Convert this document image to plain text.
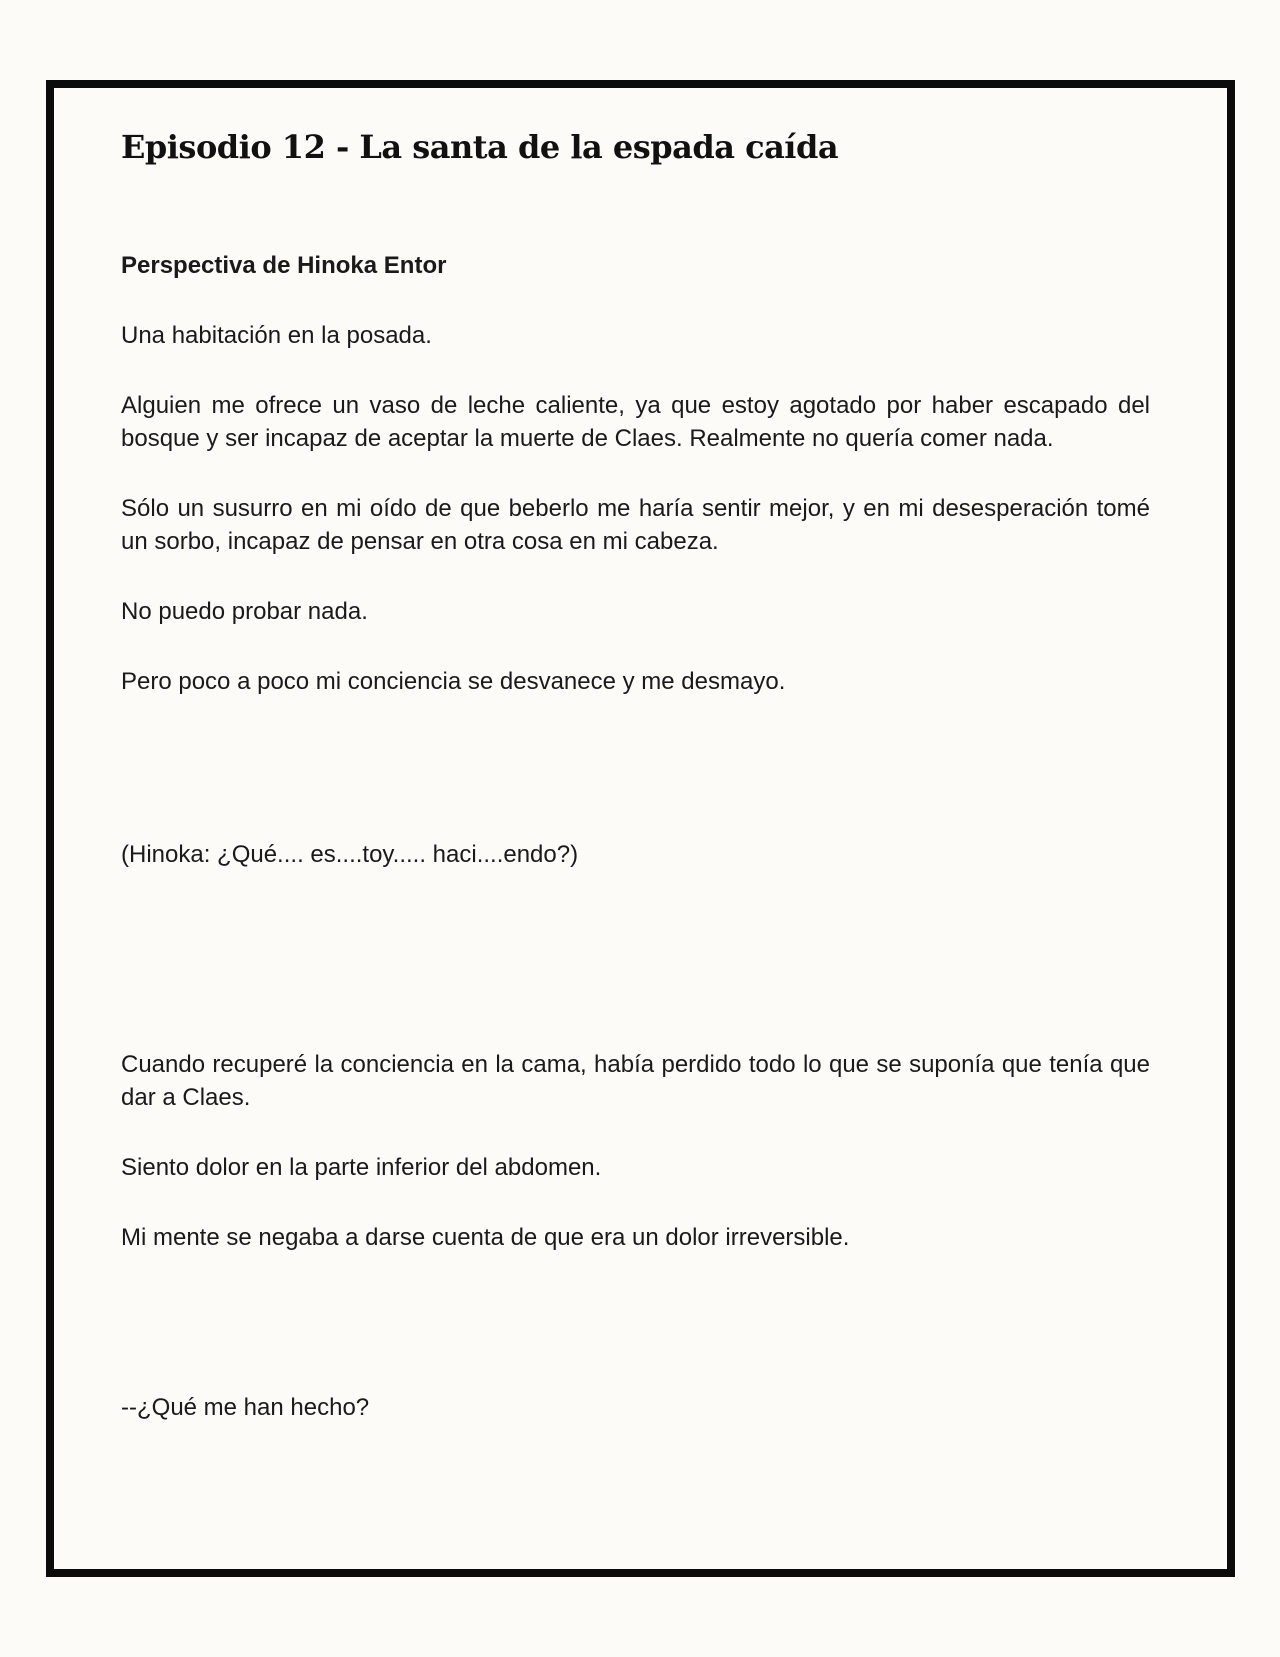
Episodio 12 - La santa de la espada caída

Perspectiva de Hinoka Entor

Una habitación en la posada.

Alguien me ofrece un vaso de leche caliente, ya que estoy agotado por haber escapado del
bosque y ser incapaz de aceptar la muerte de Claes. Realmente no quería comer nada.

Sólo un susurro en mi oído de que beberlo me haría sentir mejor, y en mi desesperación tomé
un sorbo, incapaz de pensar en otra cosa en mi cabeza.

No puedo probar nada.

Pero poco a poco mi conciencia se desvanece y me desmayo.

(Hinoka: ¿Qué.... es....toy..... haci....endo?)

Cuando recuperé la conciencia en la cama, había perdido todo lo que se suponía que tenía que
dar a Claes.

Siento dolor en la parte inferior del abdomen.

Mi mente se negaba a darse cuenta de que era un dolor irreversible.

--¿Qué me han hecho?
